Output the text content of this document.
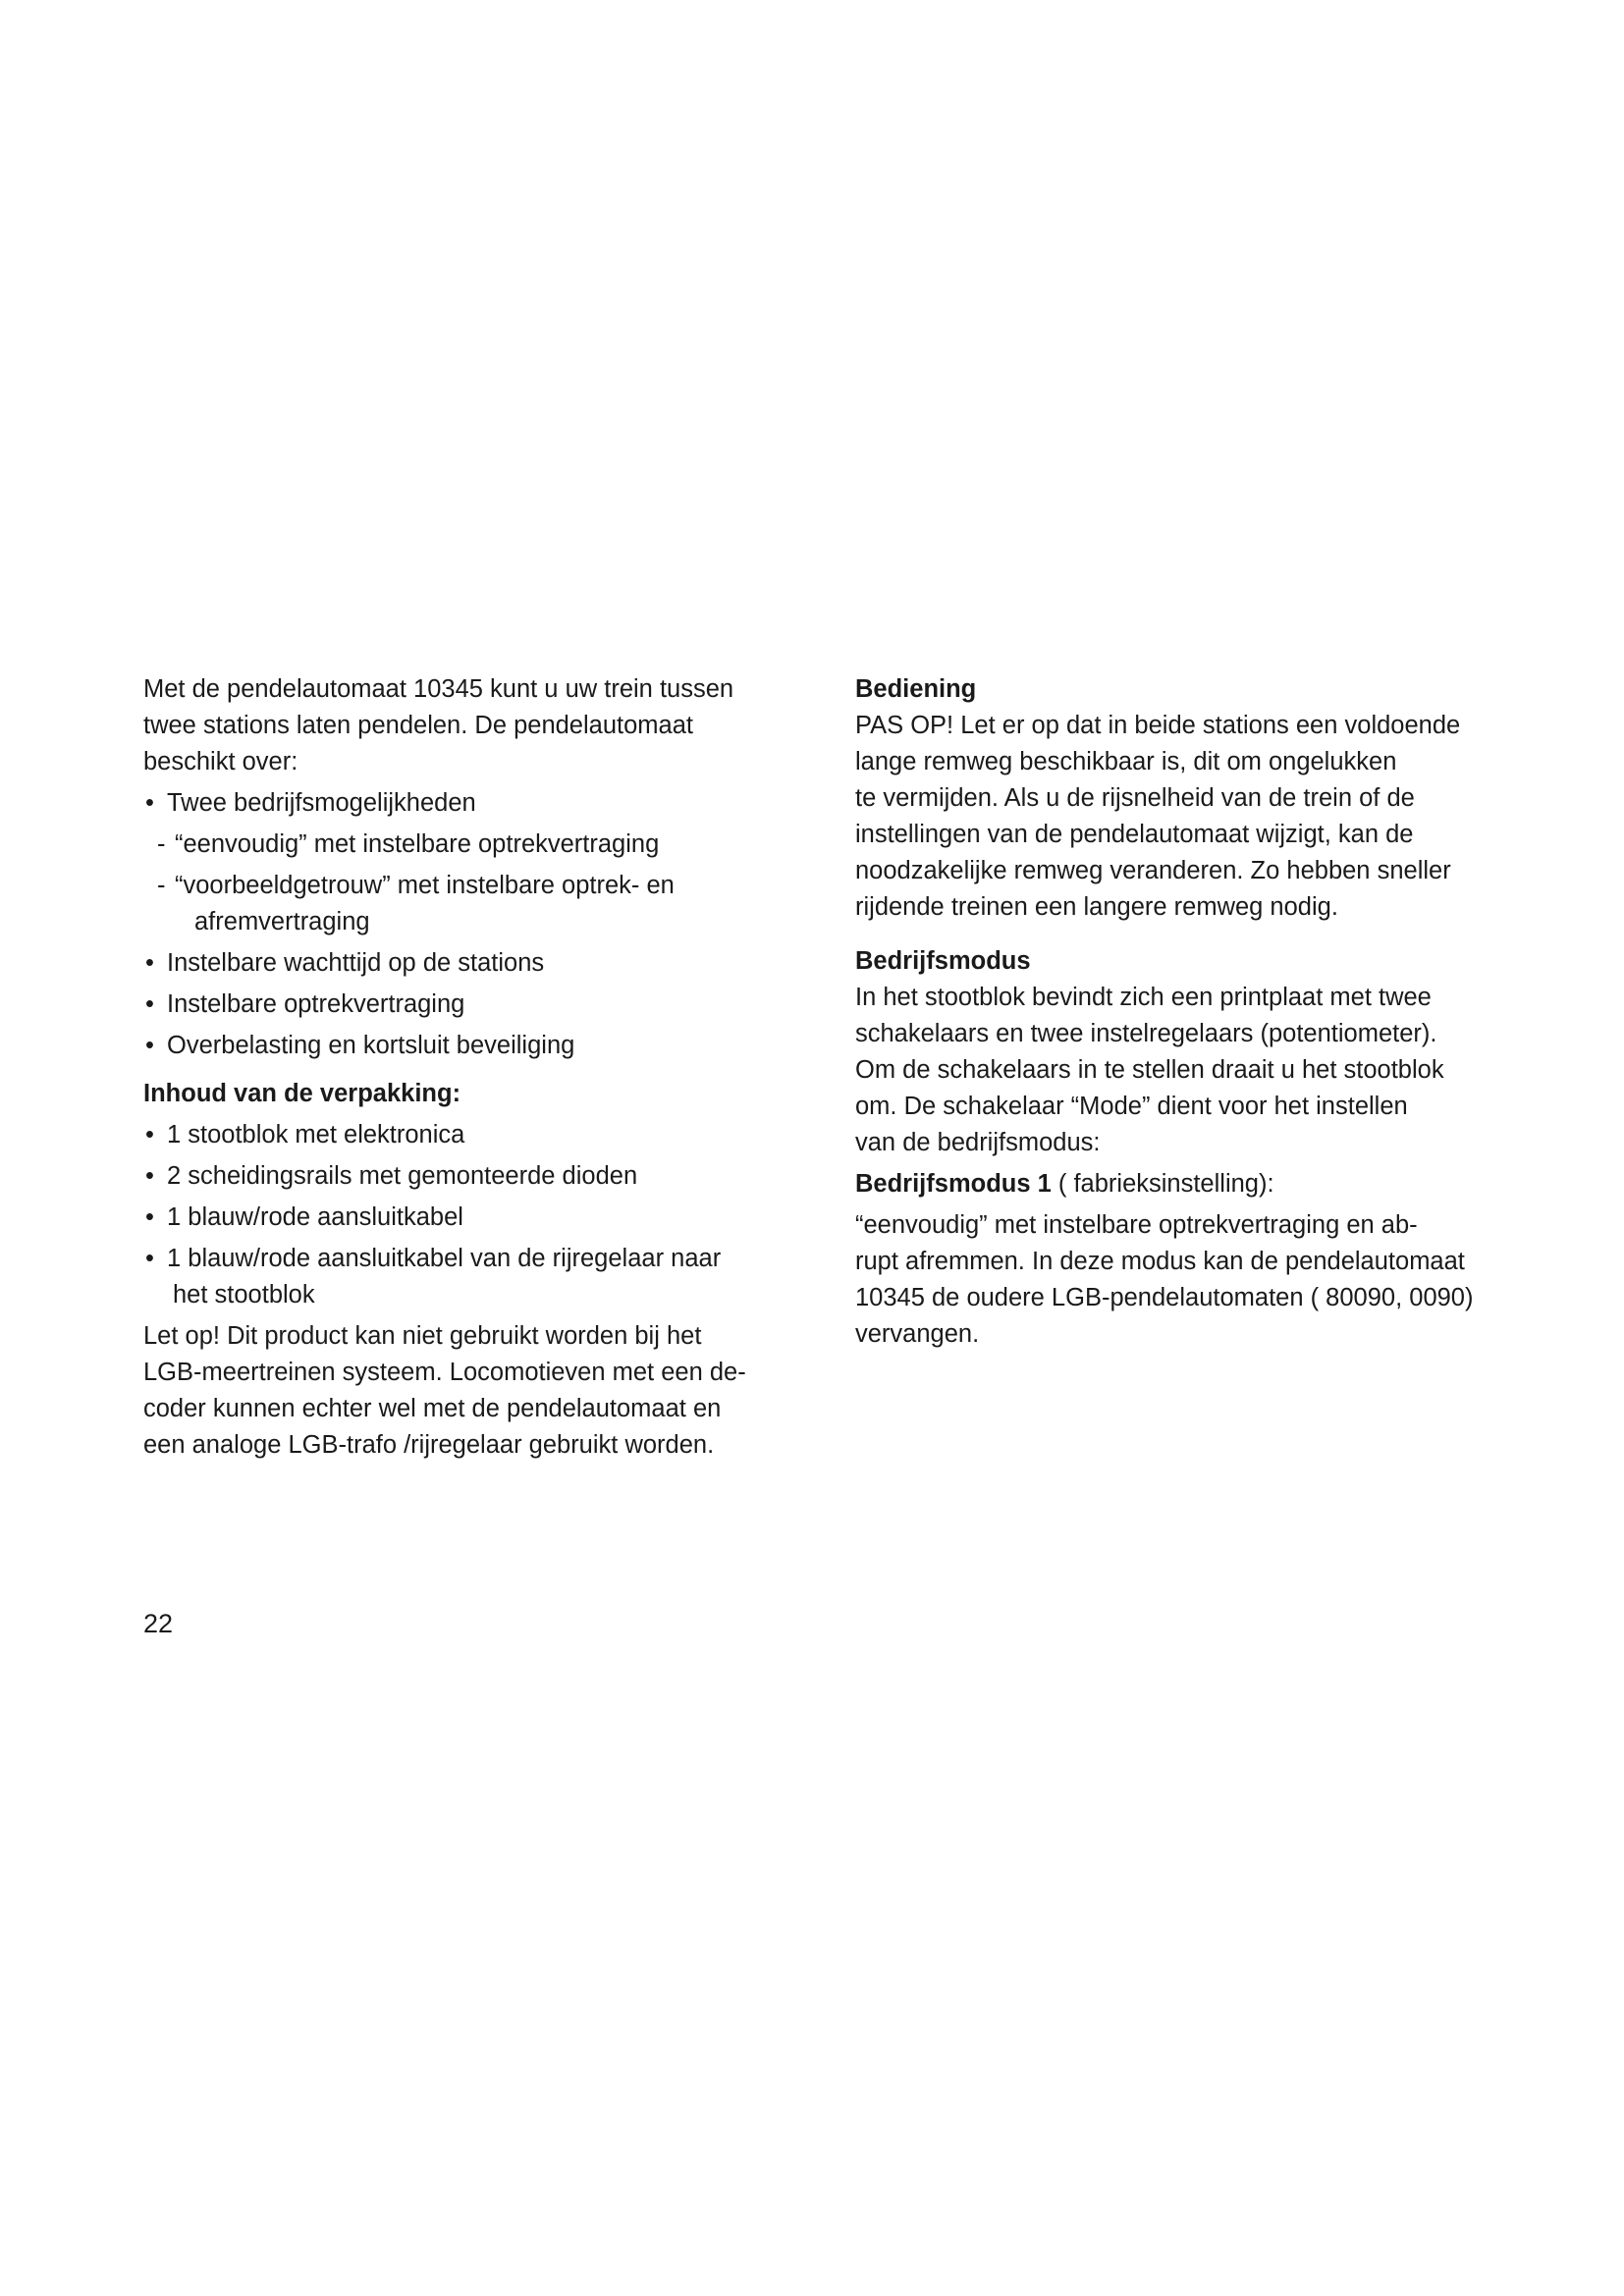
Met de pendelautomaat 10345 kunt u uw trein tussen
twee stations laten pendelen. De pendelautomaat
beschikt over:

• Twee bedrijfsmogelijkheden
- “eenvoudig” met instelbare optrekvertraging
- “voorbeeldgetrouw” met instelbare optrek- en
afremvertraging
• Instelbare wachttijd op de stations
• Instelbare optrekvertraging
• Overbelasting en kortsluit beveiliging
Inhoud van de verpakking:
• 1 stootblok met elektronica
• 2 scheidingsrails met gemonteerde dioden
• 1 blauw/rode aansluitkabel
• 1 blauw/rode aansluitkabel van de rijregelaar naar
het stootblok

Let op! Dit product kan niet gebruikt worden bij het
LGB-meertreinen systeem. Locomotieven met een de-
coder kunnen echter wel met de pendelautomaat en
een analoge LGB-trafo /rijregelaar gebruikt worden.

Bediening

PAS OP! Let er op dat in beide stations een voldoende
lange remweg beschikbaar is, dit om ongelukken
te vermijden. Als u de rijsnelheid van de trein of de
instellingen van de pendelautomaat wijzigt, kan de
noodzakelijke remweg veranderen. Zo hebben sneller
rijdende treinen een langere remweg nodig.

Bedrijfsmodus

In het stootblok bevindt zich een printplaat met twee
schakelaars en twee instelregelaars (potentiometer).
Om de schakelaars in te stellen draait u het stootblok
om. De schakelaar “Mode” dient voor het instellen
van de bedrijfsmodus:

Bedrijfsmodus 1 ( fabrieksinstelling):

“eenvoudig” met instelbare optrekvertraging en ab-
rupt afremmen. In deze modus kan de pendelautomaat
10345 de oudere LGB-pendelautomaten ( 80090, 0090)
vervangen.

22
